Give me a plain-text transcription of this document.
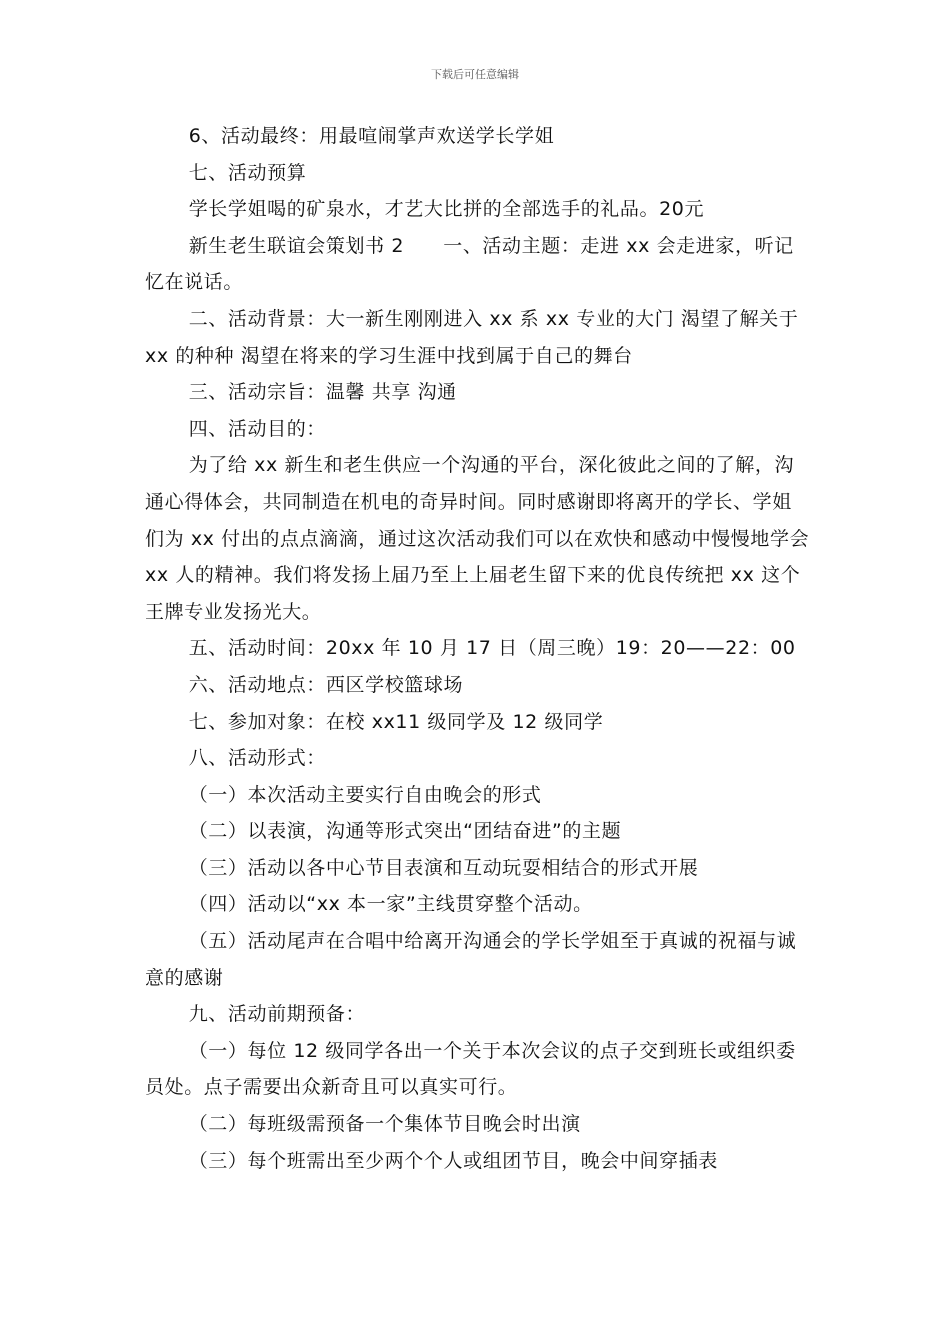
下载后可任意编辑

6、活动最终：用最喧闹掌声欢送学长学姐

七、活动预算

学长学姐喝的矿泉水，才艺大比拼的全部选手的礼品。20元

新生老生联谊会策划书 2　　一、活动主题：走进 xx 会走进家，听记忆在说话。

二、活动背景：大一新生刚刚进入 xx 系 xx 专业的大门 渴望了解关于 xx 的种种 渴望在将来的学习生涯中找到属于自己的舞台

三、活动宗旨：温馨 共享 沟通

四、活动目的：

为了给 xx 新生和老生供应一个沟通的平台，深化彼此之间的了解，沟通心得体会，共同制造在机电的奇异时间。同时感谢即将离开的学长、学姐们为 xx 付出的点点滴滴，通过这次活动我们可以在欢快和感动中慢慢地学会 xx 人的精神。我们将发扬上届乃至上上届老生留下来的优良传统把 xx 这个王牌专业发扬光大。

五、活动时间：20xx 年 10 月 17 日（周三晚）19：20——22：00

六、活动地点：西区学校篮球场

七、参加对象：在校 xx11 级同学及 12 级同学

八、活动形式：

（一）本次活动主要实行自由晚会的形式

（二）以表演，沟通等形式突出“团结奋进”的主题

（三）活动以各中心节目表演和互动玩耍相结合的形式开展

（四）活动以“xx 本一家”主线贯穿整个活动。

（五）活动尾声在合唱中给离开沟通会的学长学姐至于真诚的祝福与诚意的感谢

九、活动前期预备：

（一）每位 12 级同学各出一个关于本次会议的点子交到班长或组织委员处。点子需要出众新奇且可以真实可行。

（二）每班级需预备一个集体节目晚会时出演

（三）每个班需出至少两个个人或组团节目，晚会中间穿插表
